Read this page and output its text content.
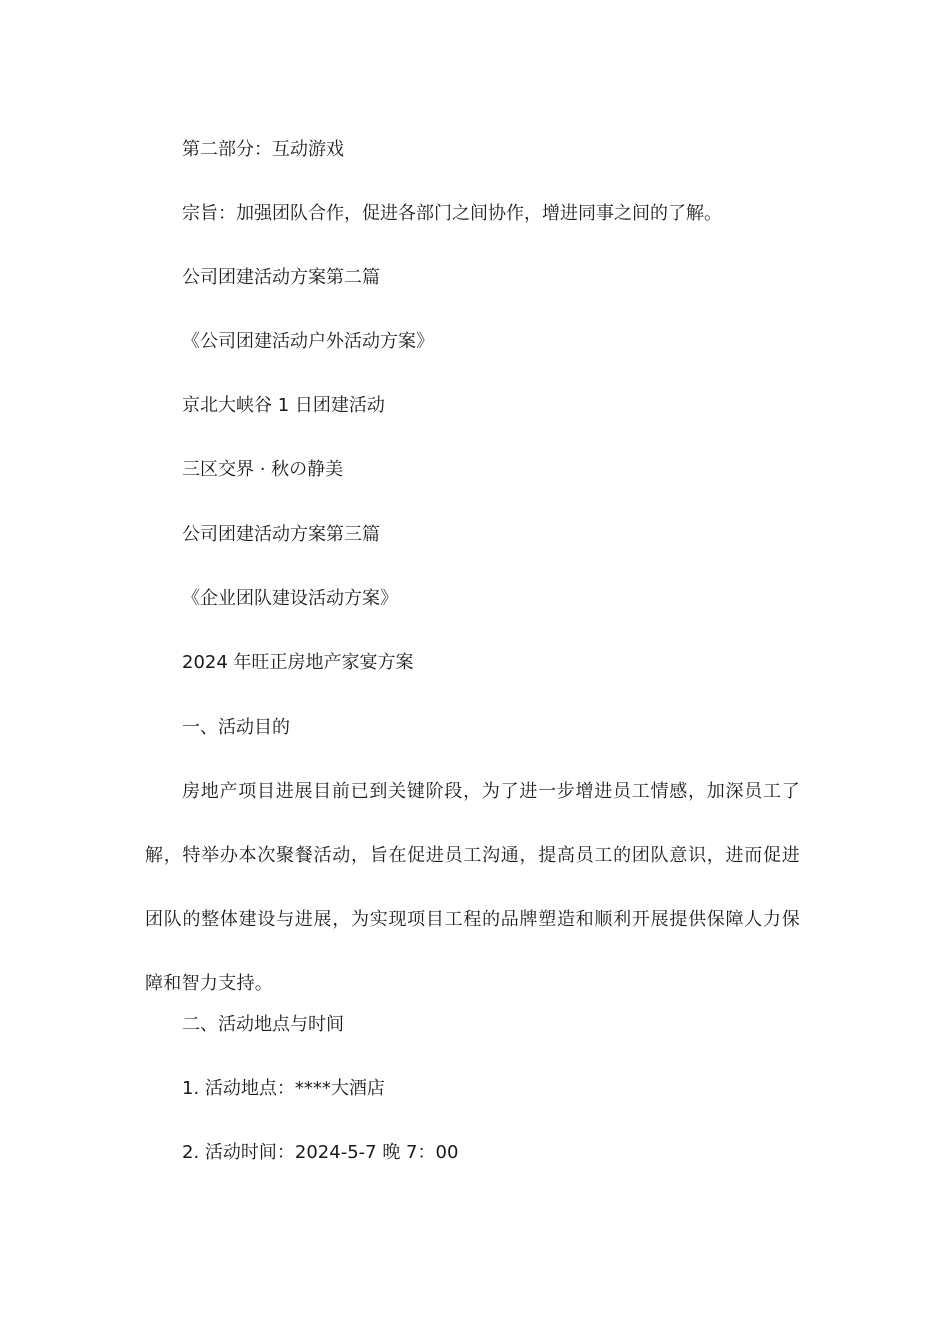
第二部分：互动游戏

宗旨：加强团队合作，促进各部门之间协作，增进同事之间的了解。

公司团建活动方案第二篇

《公司团建活动户外活动方案》

京北大峡谷 1 日团建活动

三区交界 · 秋の静美

公司团建活动方案第三篇

《企业团队建设活动方案》

2024 年旺正房地产家宴方案

一、活动目的

房地产项目进展目前已到关键阶段，为了进一步增进员工情感，加深员工了解，特举办本次聚餐活动，旨在促进员工沟通，提高员工的团队意识，进而促进团队的整体建设与进展，为实现项目工程的品牌塑造和顺利开展提供保障人力保障和智力支持。

二、活动地点与时间

1. 活动地点：****大酒店

2. 活动时间：2024-5-7 晚 7：00
